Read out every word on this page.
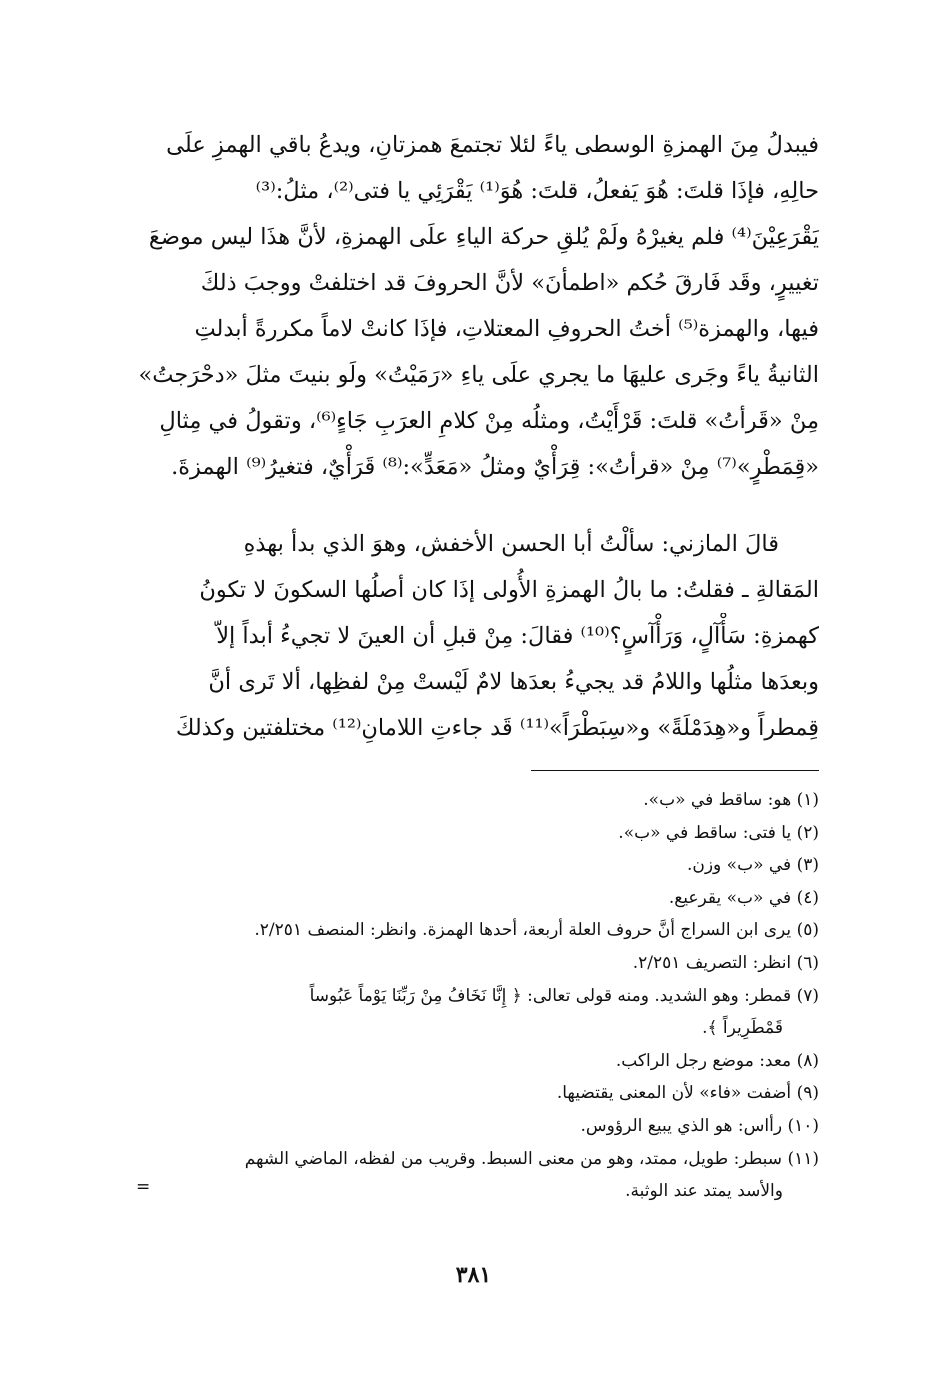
فيبدلُ مِنَ الهمزةِ الوسطى ياءً لئلا تجتمعَ همزتانِ، ويدعُ باقي الهمزِ علَى
حالِهِ، فإذَا قلتَ: هُوَ يَفعلُ، قلتَ: هُوَ⁽¹⁾ يَقْرَئِي يا فتى⁽²⁾، مثلُ:⁽³⁾
يَقْرَعِيْنَ⁽⁴⁾ فلم يغيرْهُ ولَمْ يُلقِ حركة الياءِ علَى الهمزةِ، لأنَّ هذَا ليس موضعَ
تغييرٍ، وقَد فَارقَ حُكم «اطمأنَ» لأنَّ الحروفَ قد اختلفتْ ووجبَ ذلكَ
فيها، والهمزة⁽⁵⁾ أختُ الحروفِ المعتلاتِ، فإذَا كانتْ لاماً مكررةً أبدلتِ
الثانيةُ ياءً وجَرى عليهَا ما يجري علَى ياءِ «رَمَيْتُ» ولَو بنيتَ مثلَ «دحْرَجتُ»
مِنْ «قَرأتُ» قلتَ: قَرْأَيْتُ، ومثلُه مِنْ كلامِ العرَبِ جَاءٍ⁽⁶⁾، وتقولُ في مِثالِ
«قِمَطْرٍ»⁽⁷⁾ مِنْ «قرأتُ»: قِرَأْيٌ ومثلُ «مَعَدٍّ»:⁽⁸⁾ قَرَأْيٌ، فتغيرُ⁽⁹⁾ الهمزةَ.
قالَ المازني: سألْتُ أبا الحسن الأخفش، وهوَ الذي بدأ بهذهِ
المَقالةِ ـ فقلتُ: ما بالُ الهمزةِ الأُولى إذَا كان أصلُها السكونَ لا تكونُ
كهمزةِ: سَأْآلٍ، وَرَأْآسٍ؟⁽¹⁰⁾ فقالَ: مِنْ قبلِ أن العينَ لا تجيءُ أبداً إلاّ
وبعدَها مثلُها واللامُ قد يجيءُ بعدَها لامٌ لَيْستْ مِنْ لفظِها، ألا تَرى أنَّ
قِمطراً و«هِدَمْلَةً» و«سِبَطْرَاً»⁽¹¹⁾ قَد جاءتِ اللامانِ⁽¹²⁾ مختلفتين وكذلكَ
(١) هو: ساقط في «ب».
(٢) يا فتى: ساقط في «ب».
(٣) في «ب» وزن.
(٤) في «ب» يقرعيع.
(٥) يرى ابن السراج أنَّ حروف العلة أربعة، أحدها الهمزة. وانظر: المنصف ٢/٢٥١.
(٦) انظر: التصريف ٢/٢٥١.
(٧) قمطر: وهو الشديد. ومنه قولى تعالى: ﴿ إِنَّا نَخَافُ مِنْ رَبِّنَا يَوْماً عَبُوساً
قَمْطَرِيراً ﴾.
(٨) معد: موضع رجل الراكب.
(٩) أضفت «فاء» لأن المعنى يقتضيها.
(١٠) رأاس: هو الذي يبيع الرؤوس.
(١١) سبطر: طويل، ممتد، وهو من معنى السبط. وقريب من لفظه، الماضي الشهم
والأسد يمتد عند الوثبة.
=
٣٨١
